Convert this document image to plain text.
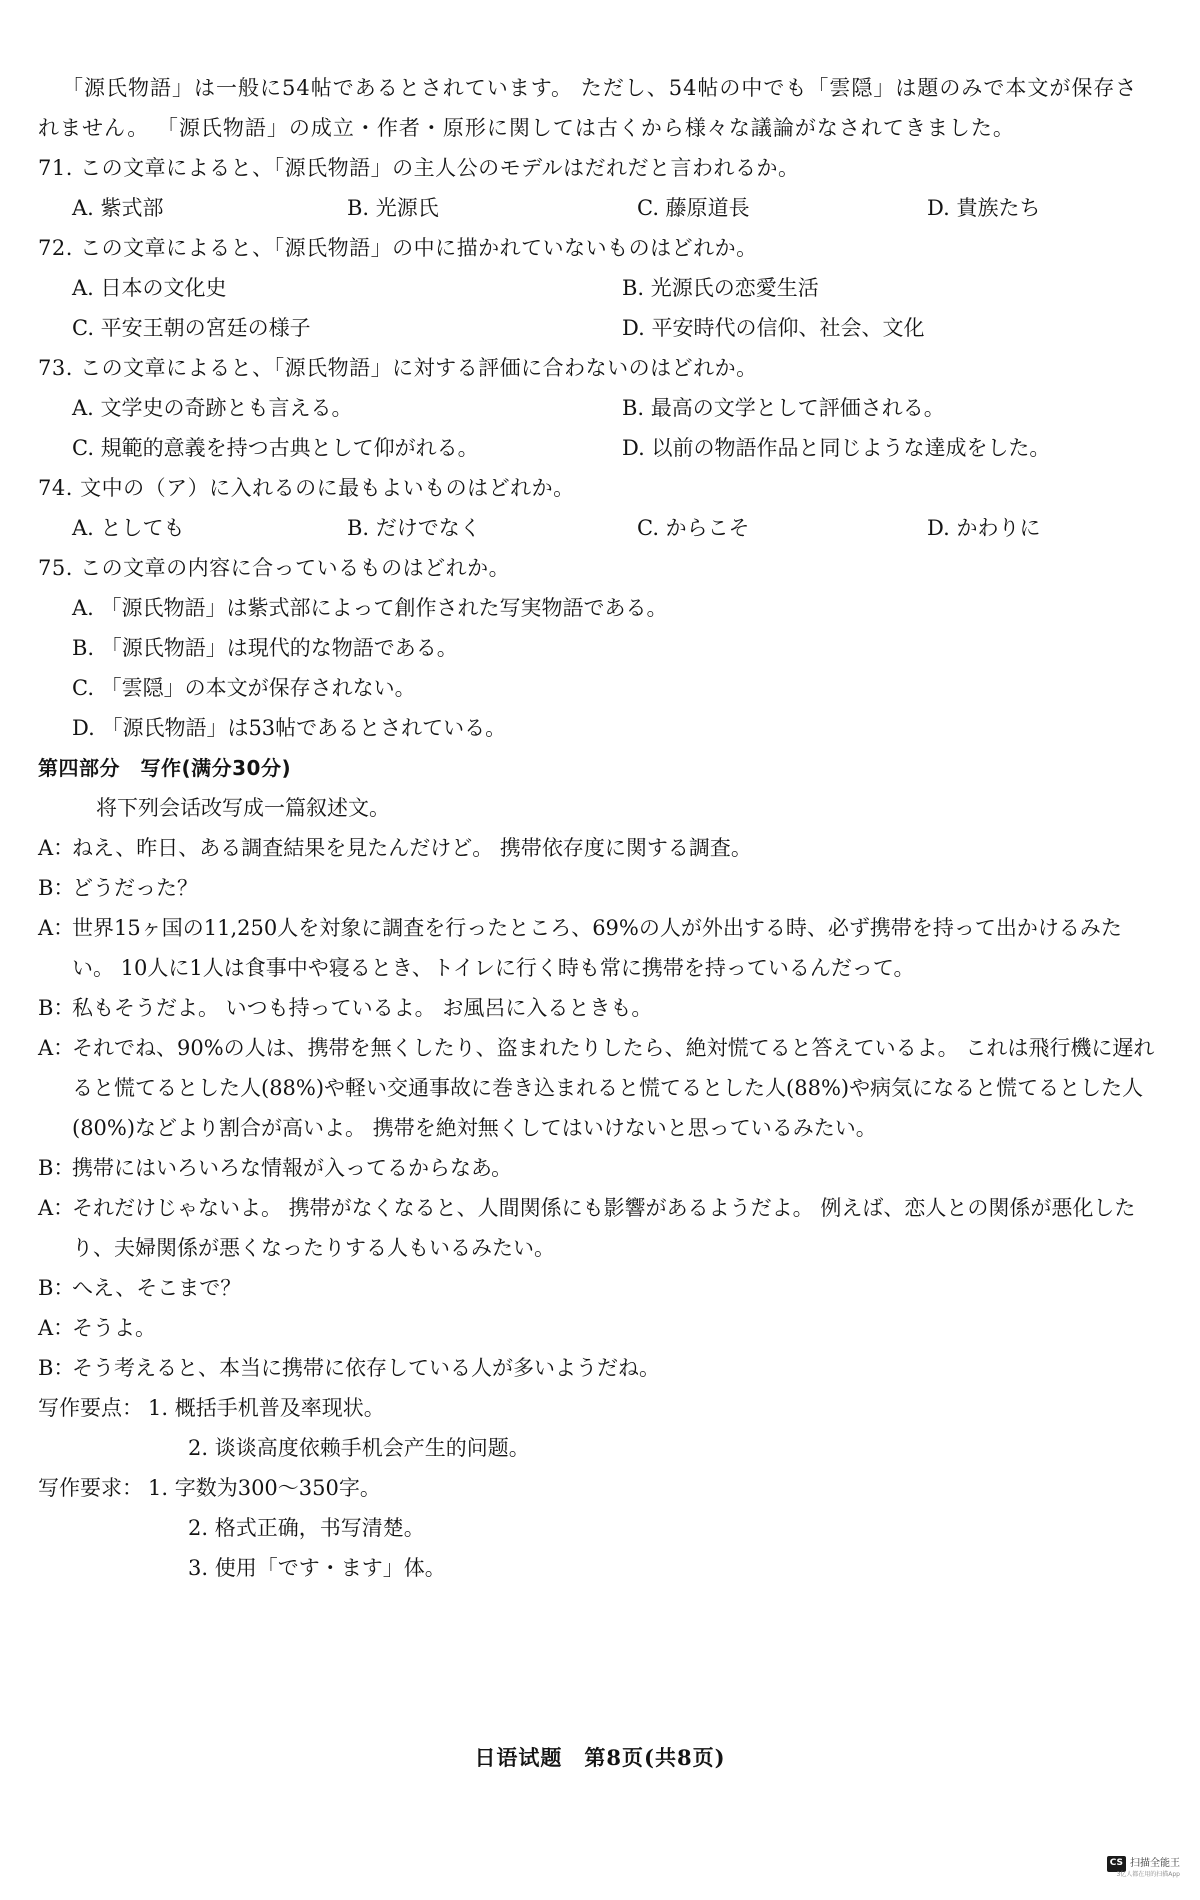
「源氏物語」は一般に54帖であるとされています。 ただし、54帖の中でも「雲隠」は題のみで本文が保存されません。 「源氏物語」の成立・作者・原形に関しては古くから様々な議論がなされてきました。

71. この文章によると、「源氏物語」の主人公のモデルはだれだと言われるか。

A. 紫式部	B. 光源氏	C. 藤原道長	D. 貴族たち

72. この文章によると、「源氏物語」の中に描かれていないものはどれか。

A. 日本の文化史	B. 光源氏の恋愛生活
C. 平安王朝の宮廷の様子	D. 平安時代の信仰、社会、文化

73. この文章によると、「源氏物語」に対する評価に合わないのはどれか。

A. 文学史の奇跡とも言える。	B. 最高の文学として評価される。
C. 規範的意義を持つ古典として仰がれる。	D. 以前の物語作品と同じような達成をした。

74. 文中の（ア）に入れるのに最もよいものはどれか。

A. としても	B. だけでなく	C. からこそ	D. かわりに

75. この文章の内容に合っているものはどれか。

A. 「源氏物語」は紫式部によって創作された写実物語である。

B. 「源氏物語」は現代的な物語である。

C. 「雲隠」の本文が保存されない。

D. 「源氏物語」は53帖であるとされている。

第四部分　写作(满分30分)

将下列会话改写成一篇叙述文。

A：
ねえ、昨日、ある調査結果を見たんだけど。 携帯依存度に関する調査。
B：
どうだった？
A：
世界15ヶ国の11,250人を対象に調査を行ったところ、69%の人が外出する時、必ず携帯を持って出かけるみたい。 10人に1人は食事中や寝るとき、トイレに行く時も常に携帯を持っているんだって。
B：
私もそうだよ。 いつも持っているよ。 お風呂に入るときも。
A：
それでね、90%の人は、携帯を無くしたり、盗まれたりしたら、絶対慌てると答えているよ。 これは飛行機に遅れると慌てるとした人(88%)や軽い交通事故に巻き込まれると慌てるとした人(88%)や病気になると慌てるとした人(80%)などより割合が高いよ。 携帯を絶対無くしてはいけないと思っているみたい。
B：
携帯にはいろいろな情報が入ってるからなあ。
A：
それだけじゃないよ。 携帯がなくなると、人間関係にも影響があるようだよ。 例えば、恋人との関係が悪化したり、夫婦関係が悪くなったりする人もいるみたい。
B：
へえ、そこまで？
A：
そうよ。
B：
そう考えると、本当に携帯に依存している人が多いようだね。
写作要点： 1. 概括手机普及率现状。

2. 谈谈高度依赖手机会产生的问题。

写作要求： 1. 字数为300～350字。

2. 格式正确，书写清楚。

3. 使用「です・ます」体。

日语试题　第8页(共8页)
CS 扫描全能王
3亿人都在用的扫描App
